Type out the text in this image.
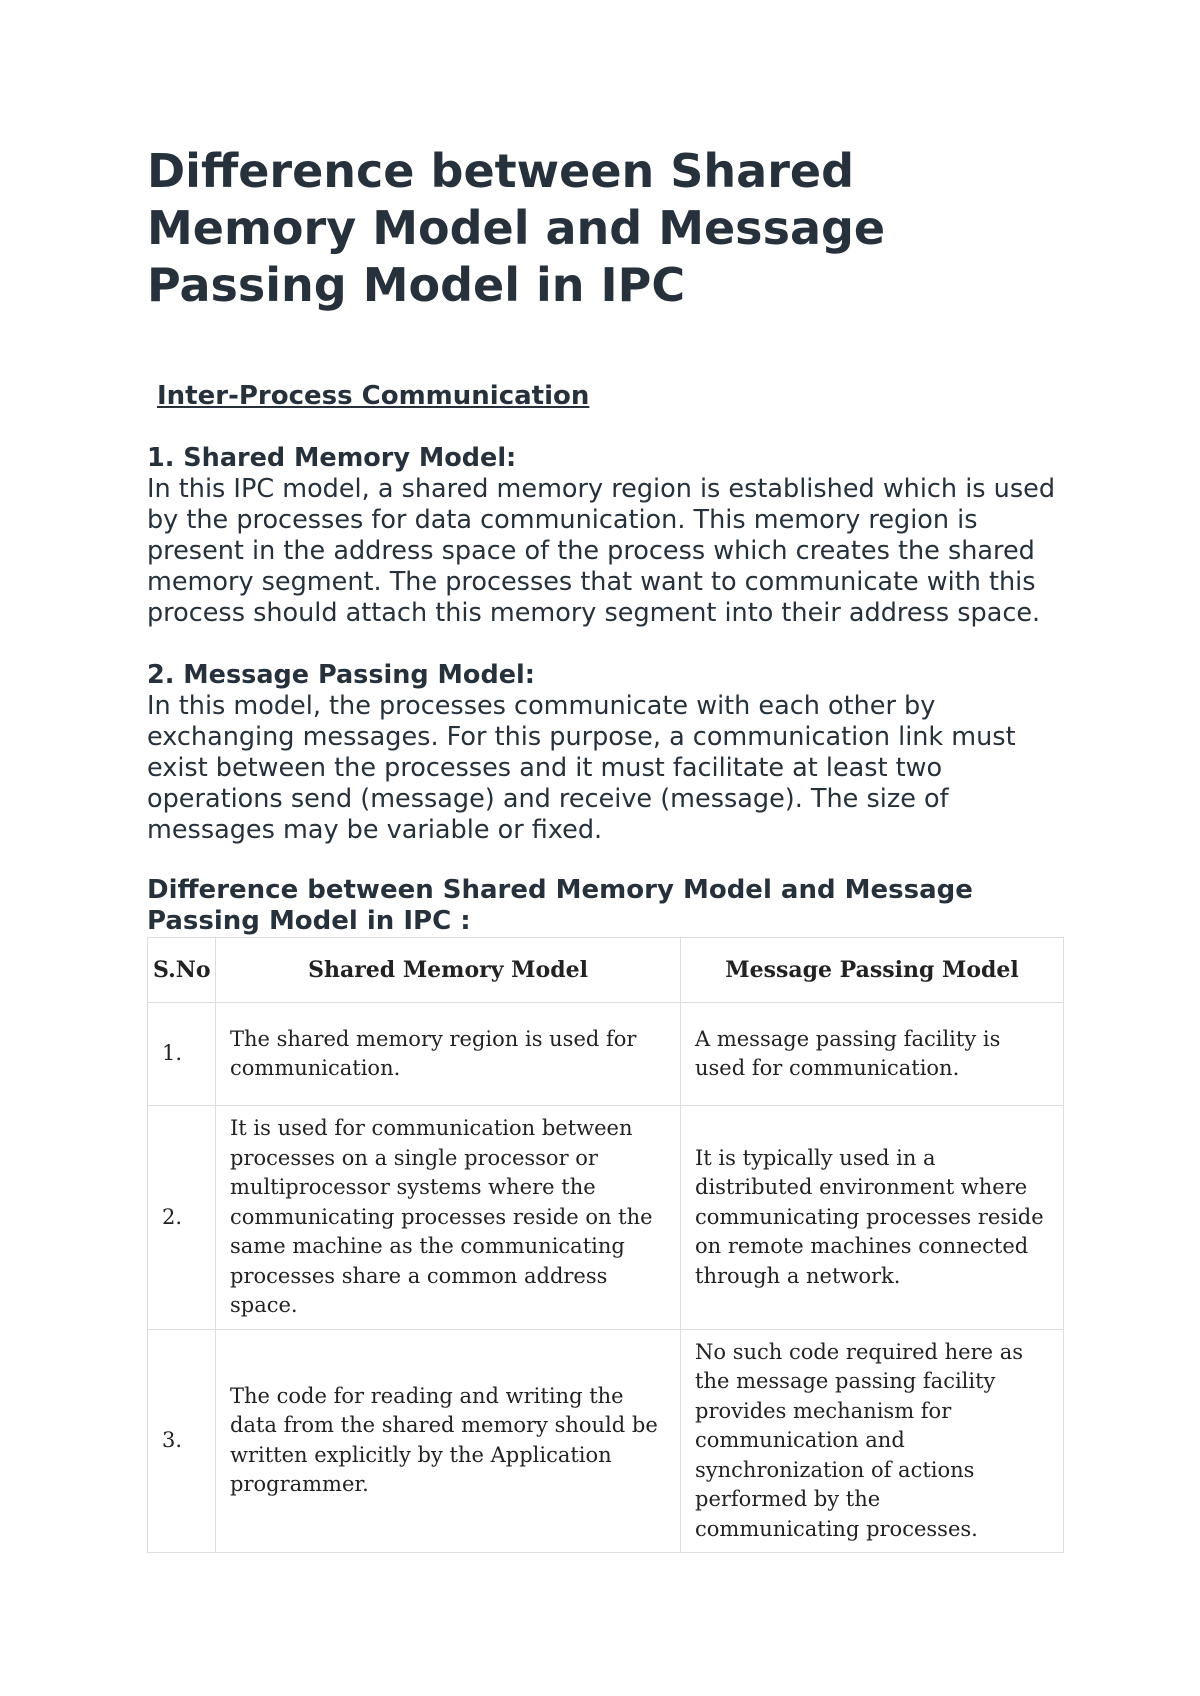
Difference between Shared Memory Model and Message Passing Model in IPC
Inter-Process Communication
1. Shared Memory Model:
In this IPC model, a shared memory region is established which is used by the processes for data communication. This memory region is present in the address space of the process which creates the shared memory segment. The processes that want to communicate with this process should attach this memory segment into their address space.
2. Message Passing Model:
In this model, the processes communicate with each other by exchanging messages. For this purpose, a communication link must exist between the processes and it must facilitate at least two operations send (message) and receive (message). The size of messages may be variable or fixed.
Difference between Shared Memory Model and Message Passing Model in IPC :
S.No	Shared Memory Model	Message Passing Model
1.	The shared memory region is used for communication.	A message passing facility is used for communication.
2.	It is used for communication between processes on a single processor or multiprocessor systems where the communicating processes reside on the same machine as the communicating processes share a common address space.	It is typically used in a distributed environment where communicating processes reside on remote machines connected through a network.
3.	The code for reading and writing the data from the shared memory should be written explicitly by the Application programmer.	No such code required here as the message passing facility provides mechanism for communication and synchronization of actions performed by the communicating processes.
